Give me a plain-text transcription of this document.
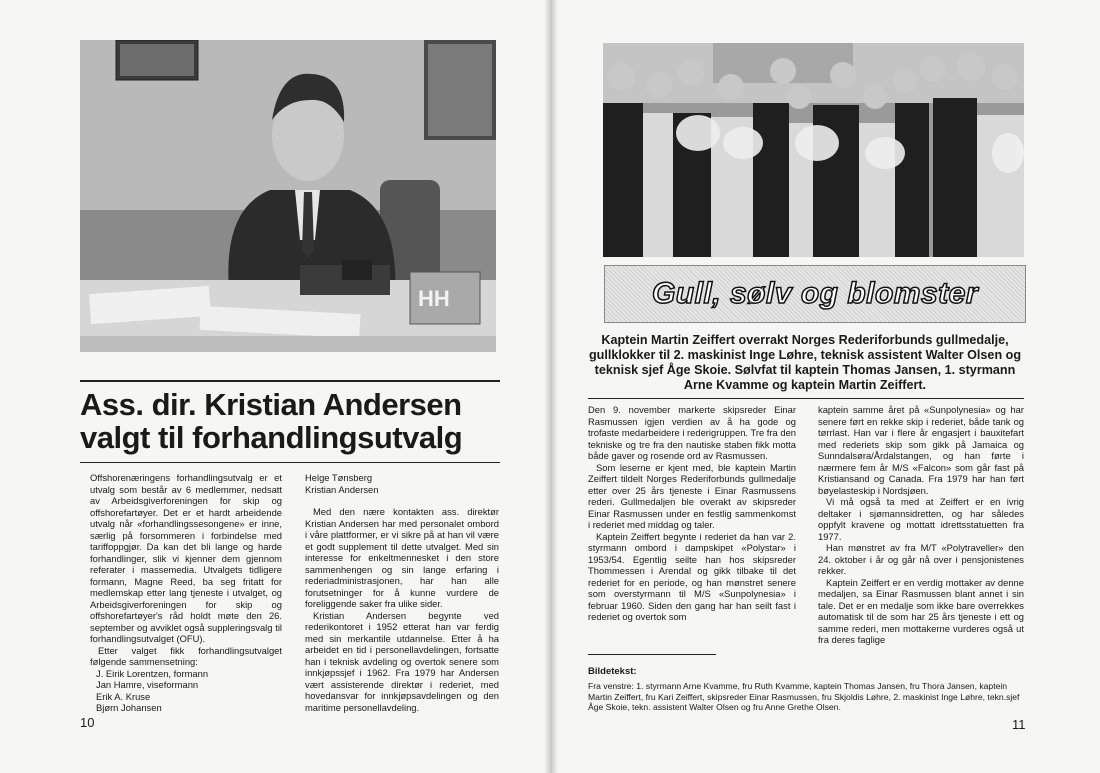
HH
Ass. dir. Kristian Andersen
valgt til forhandlingsutvalg

Offshorenæringens forhandlingsutvalg er et utvalg som består av 6 medlemmer, nedsatt av Arbeidsgiverforeningen for skip og offshorefartøyer. Det er et hardt arbeidende utvalg når «forhandlingssesongene» er inne, særlig på forsommeren i forbindelse med tariffoppgjør. Da kan det bli lange og harde forhandlinger, slik vi kjenner dem gjennom referater i massemedia. Utvalgets tidligere formann, Magne Reed, ba seg fritatt for medlemskap etter lang tjeneste i utvalget, og Arbeidsgiverforeningen for skip og offshorefartøyer's råd holdt møte den 26. september og avviklet også suppleringsvalg til forhandlingsutvalget (OFU).

Etter valget fikk forhandlingsutvalget følgende sammensetning:

J. Eirik Lorentzen, formann
Jan Hamre, viseformann
Erik A. Kruse
Bjørn Johansen
Helge Tønsberg
Kristian Andersen

Med den nære kontakten ass. direktør Kristian Andersen har med personalet ombord i våre plattformer, er vi sikre på at han vil være et godt supplement til dette utvalget. Med sin interesse for enkeltmennesket i den store sammenhengen og sin lange erfaring i rederiadministrasjonen, har han alle forutsetninger for å kunne vurdere de foreliggende saker fra ulike sider.

Kristian Andersen begynte ved rederikontoret i 1952 etterat han var ferdig med sin merkantile utdannelse. Etter å ha arbeidet en tid i personellavdelingen, fortsatte han i teknisk avdeling og overtok senere som innkjøpssjef i 1962. Fra 1979 har Andersen vært assisterende direktør i rederiet, med hovedansvar for innkjøpsavdelingen og den maritime personellavdeling.

10
Gull, sølv og blomster
Kaptein Martin Zeiffert overrakt Norges Rederiforbunds gullmedalje, gullklokker til 2. maskinist Inge Løhre, teknisk assistent Walter Olsen og teknisk sjef Åge Skoie. Sølvfat til kaptein Thomas Jansen, 1. styrmann Arne Kvamme og kaptein Martin Zeiffert.

Den 9. november markerte skipsreder Einar Rasmussen igjen verdien av å ha gode og trofaste medarbeidere i rederigruppen. Tre fra den tekniske og tre fra den nautiske staben fikk motta både gaver og rosende ord av Rasmussen.

Som leserne er kjent med, ble kaptein Martin Zeiffert tildelt Norges Rederiforbunds gullmedalje etter over 25 års tjeneste i Einar Rasmussens rederi. Gullmedaljen ble overakt av skipsreder Einar Rasmussen under en festlig sammenkomst i rederiet med middag og taler.

Kaptein Zeiffert begynte i rederiet da han var 2. styrmann ombord i dampskipet «Polystar» i 1953/54. Egentlig seilte han hos skipsreder Thommessen i Arendal og gikk tilbake til det rederiet for en periode, og han mønstret senere som overstyrmann til M/S «Sunpolynesia» i februar 1960. Siden den gang har han seilt fast i rederiet og overtok som

kaptein samme året på «Sunpolynesia» og har senere ført en rekke skip i rederiet, både tank og tørrlast. Han var i flere år engasjert i bauxitefart med rederiets skip som gikk på Jamaica og Sunndalsøra/Årdalstangen, og han førte i nærmere fem år M/S «Falcon» som går fast på Kristiansand og Canada. Fra 1979 har han ført bøyelasteskip i Nordsjøen.

Vi må også ta med at Zeiffert er en ivrig deltaker i sjømannsidretten, og har således oppfylt kravene og mottatt idrettsstatuetten fra 1977.

Han mønstret av fra M/T «Polytraveller» den 24. oktober i år og går nå over i pensjonistenes rekker.

Kaptein Zeiffert er en verdig mottaker av denne medaljen, sa Einar Rasmussen blant annet i sin tale. Det er en medalje som ikke bare overrekkes automatisk til de som har 25 års tjeneste i ett og samme rederi, men mottakerne vurderes også ut fra deres faglige

Bildetekst:
Fra venstre: 1. styrmann Arne Kvamme, fru Ruth Kvamme, kaptein Thomas Jansen, fru Thora Jansen, kaptein Martin Zeiffert, fru Kari Zeiffert, skipsreder Einar Rasmussen, fru Skjoldis Løhre, 2. maskinist Inge Løhre, tekn.sjef Åge Skoie, tekn. assistent Walter Olsen og fru Anne Grethe Olsen.
11
